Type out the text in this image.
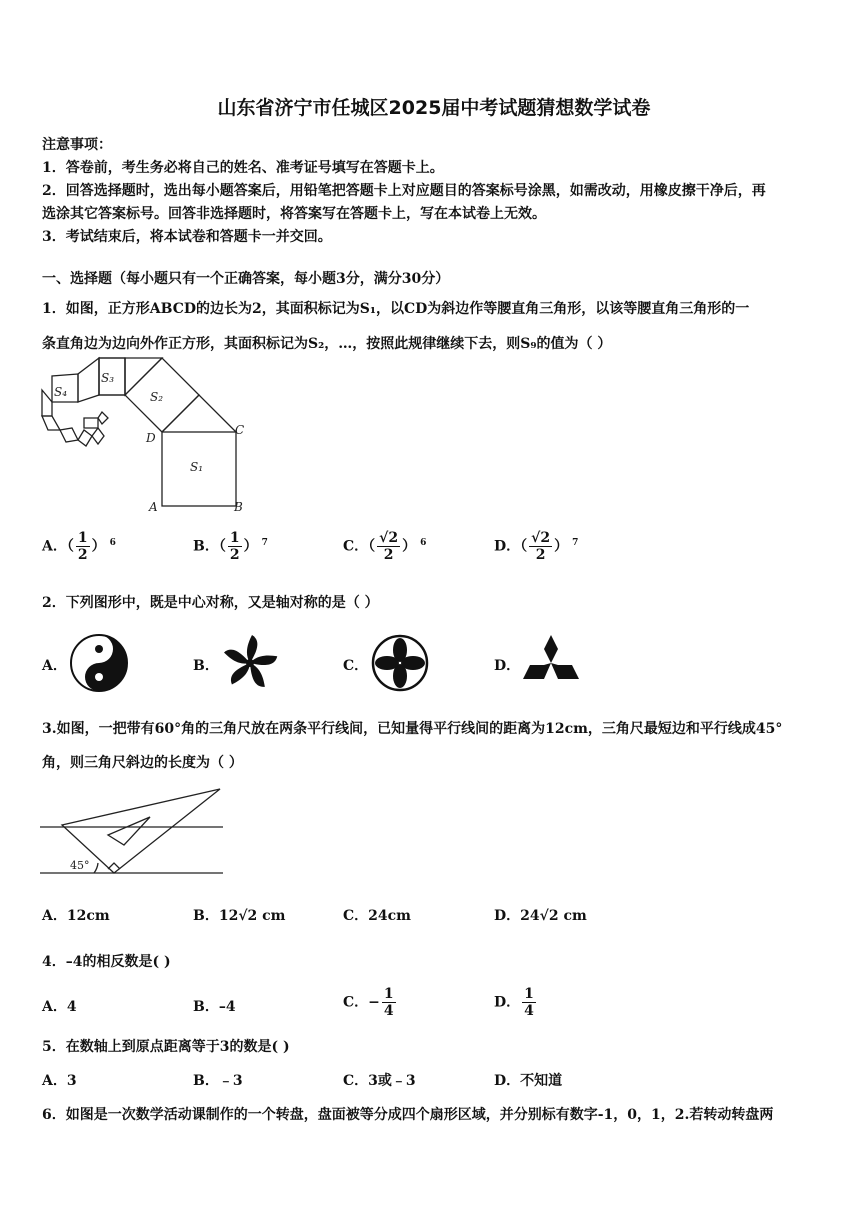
山东省济宁市任城区2025届中考试题猜想数学试卷
注意事项：
1．答卷前，考生务必将自己的姓名、准考证号填写在答题卡上。
2．回答选择题时，选出每小题答案后，用铅笔把答题卡上对应题目的答案标号涂黑，如需改动，用橡皮擦干净后，再
选涂其它答案标号。回答非选择题时，将答案写在答题卡上，写在本试卷上无效。
3．考试结束后，将本试卷和答题卡一并交回。
一、选择题（每小题只有一个正确答案，每小题3分，满分30分）
1．如图，正方形ABCD的边长为2，其面积标记为S₁，以CD为斜边作等腰直角三角形，以该等腰直角三角形的一
条直角边为边向外作正方形，其面积标记为S₂，…，按照此规律继续下去，则S₉的值为（ ）
S₃
S₂
S₄
S₁
D
C
A	B
A．（ $\frac{1}{2}$ ） $^6$	B．（ $\frac{1}{2}$ ） $^7$	C．（ $\frac{√2}{2}$ ） $^6$	D．（ $\frac{√2}{2}$ ） $^7$
2．下列图形中，既是中心对称，又是轴对称的是（ ）
A．	B．	C．	D．
3.如图，一把带有60°角的三角尺放在两条平行线间，已知量得平行线间的距离为12cm，三角尺最短边和平行线成45°
角，则三角尺斜边的长度为（ ）
45°
A．12cm	B．12√2 cm	C．24cm	D．24√2 cm
4．–4的相反数是( )
A．4	B．–4	C．− $\frac{1}{4}$	D． $\frac{1}{4}$
5．在数轴上到原点距离等于3的数是( )
A．3	B．﹣3	C．3或﹣3	D．不知道
6．如图是一次数学活动课制作的一个转盘，盘面被等分成四个扇形区域，并分别标有数字-1，0，1，2.若转动转盘两
